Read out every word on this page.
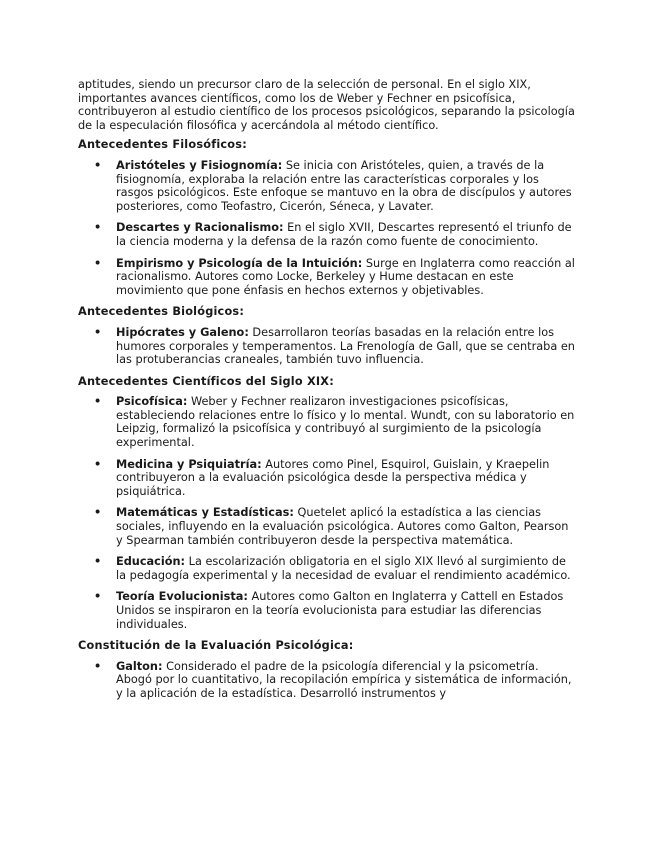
aptitudes, siendo un precursor claro de la selección de personal. En el siglo XIX, importantes avances científicos, como los de Weber y Fechner en psicofísica, contribuyeron al estudio científico de los procesos psicológicos, separando la psicología de la especulación filosófica y acercándola al método científico.

Antecedentes Filosóficos:
• Aristóteles y Fisiognomía: Se inicia con Aristóteles, quien, a través de la fisiognomía, exploraba la relación entre las características corporales y los rasgos psicológicos. Este enfoque se mantuvo en la obra de discípulos y autores posteriores, como Teofastro, Cicerón, Séneca, y Lavater.
• Descartes y Racionalismo: En el siglo XVII, Descartes representó el triunfo de la ciencia moderna y la defensa de la razón como fuente de conocimiento.
• Empirismo y Psicología de la Intuición: Surge en Inglaterra como reacción al racionalismo. Autores como Locke, Berkeley y Hume destacan en este movimiento que pone énfasis en hechos externos y objetivables.
Antecedentes Biológicos:
• Hipócrates y Galeno: Desarrollaron teorías basadas en la relación entre los humores corporales y temperamentos. La Frenología de Gall, que se centraba en las protuberancias craneales, también tuvo influencia.
Antecedentes Científicos del Siglo XIX:
• Psicofísica: Weber y Fechner realizaron investigaciones psicofísicas, estableciendo relaciones entre lo físico y lo mental. Wundt, con su laboratorio en Leipzig, formalizó la psicofísica y contribuyó al surgimiento de la psicología experimental.
• Medicina y Psiquiatría: Autores como Pinel, Esquirol, Guislain, y Kraepelin contribuyeron a la evaluación psicológica desde la perspectiva médica y psiquiátrica.
• Matemáticas y Estadísticas: Quetelet aplicó la estadística a las ciencias sociales, influyendo en la evaluación psicológica. Autores como Galton, Pearson y Spearman también contribuyeron desde la perspectiva matemática.
• Educación: La escolarización obligatoria en el siglo XIX llevó al surgimiento de la pedagogía experimental y la necesidad de evaluar el rendimiento académico.
• Teoría Evolucionista: Autores como Galton en Inglaterra y Cattell en Estados Unidos se inspiraron en la teoría evolucionista para estudiar las diferencias individuales.
Constitución de la Evaluación Psicológica:
• Galton: Considerado el padre de la psicología diferencial y la psicometría. Abogó por lo cuantitativo, la recopilación empírica y sistemática de información, y la aplicación de la estadística. Desarrolló instrumentos y
